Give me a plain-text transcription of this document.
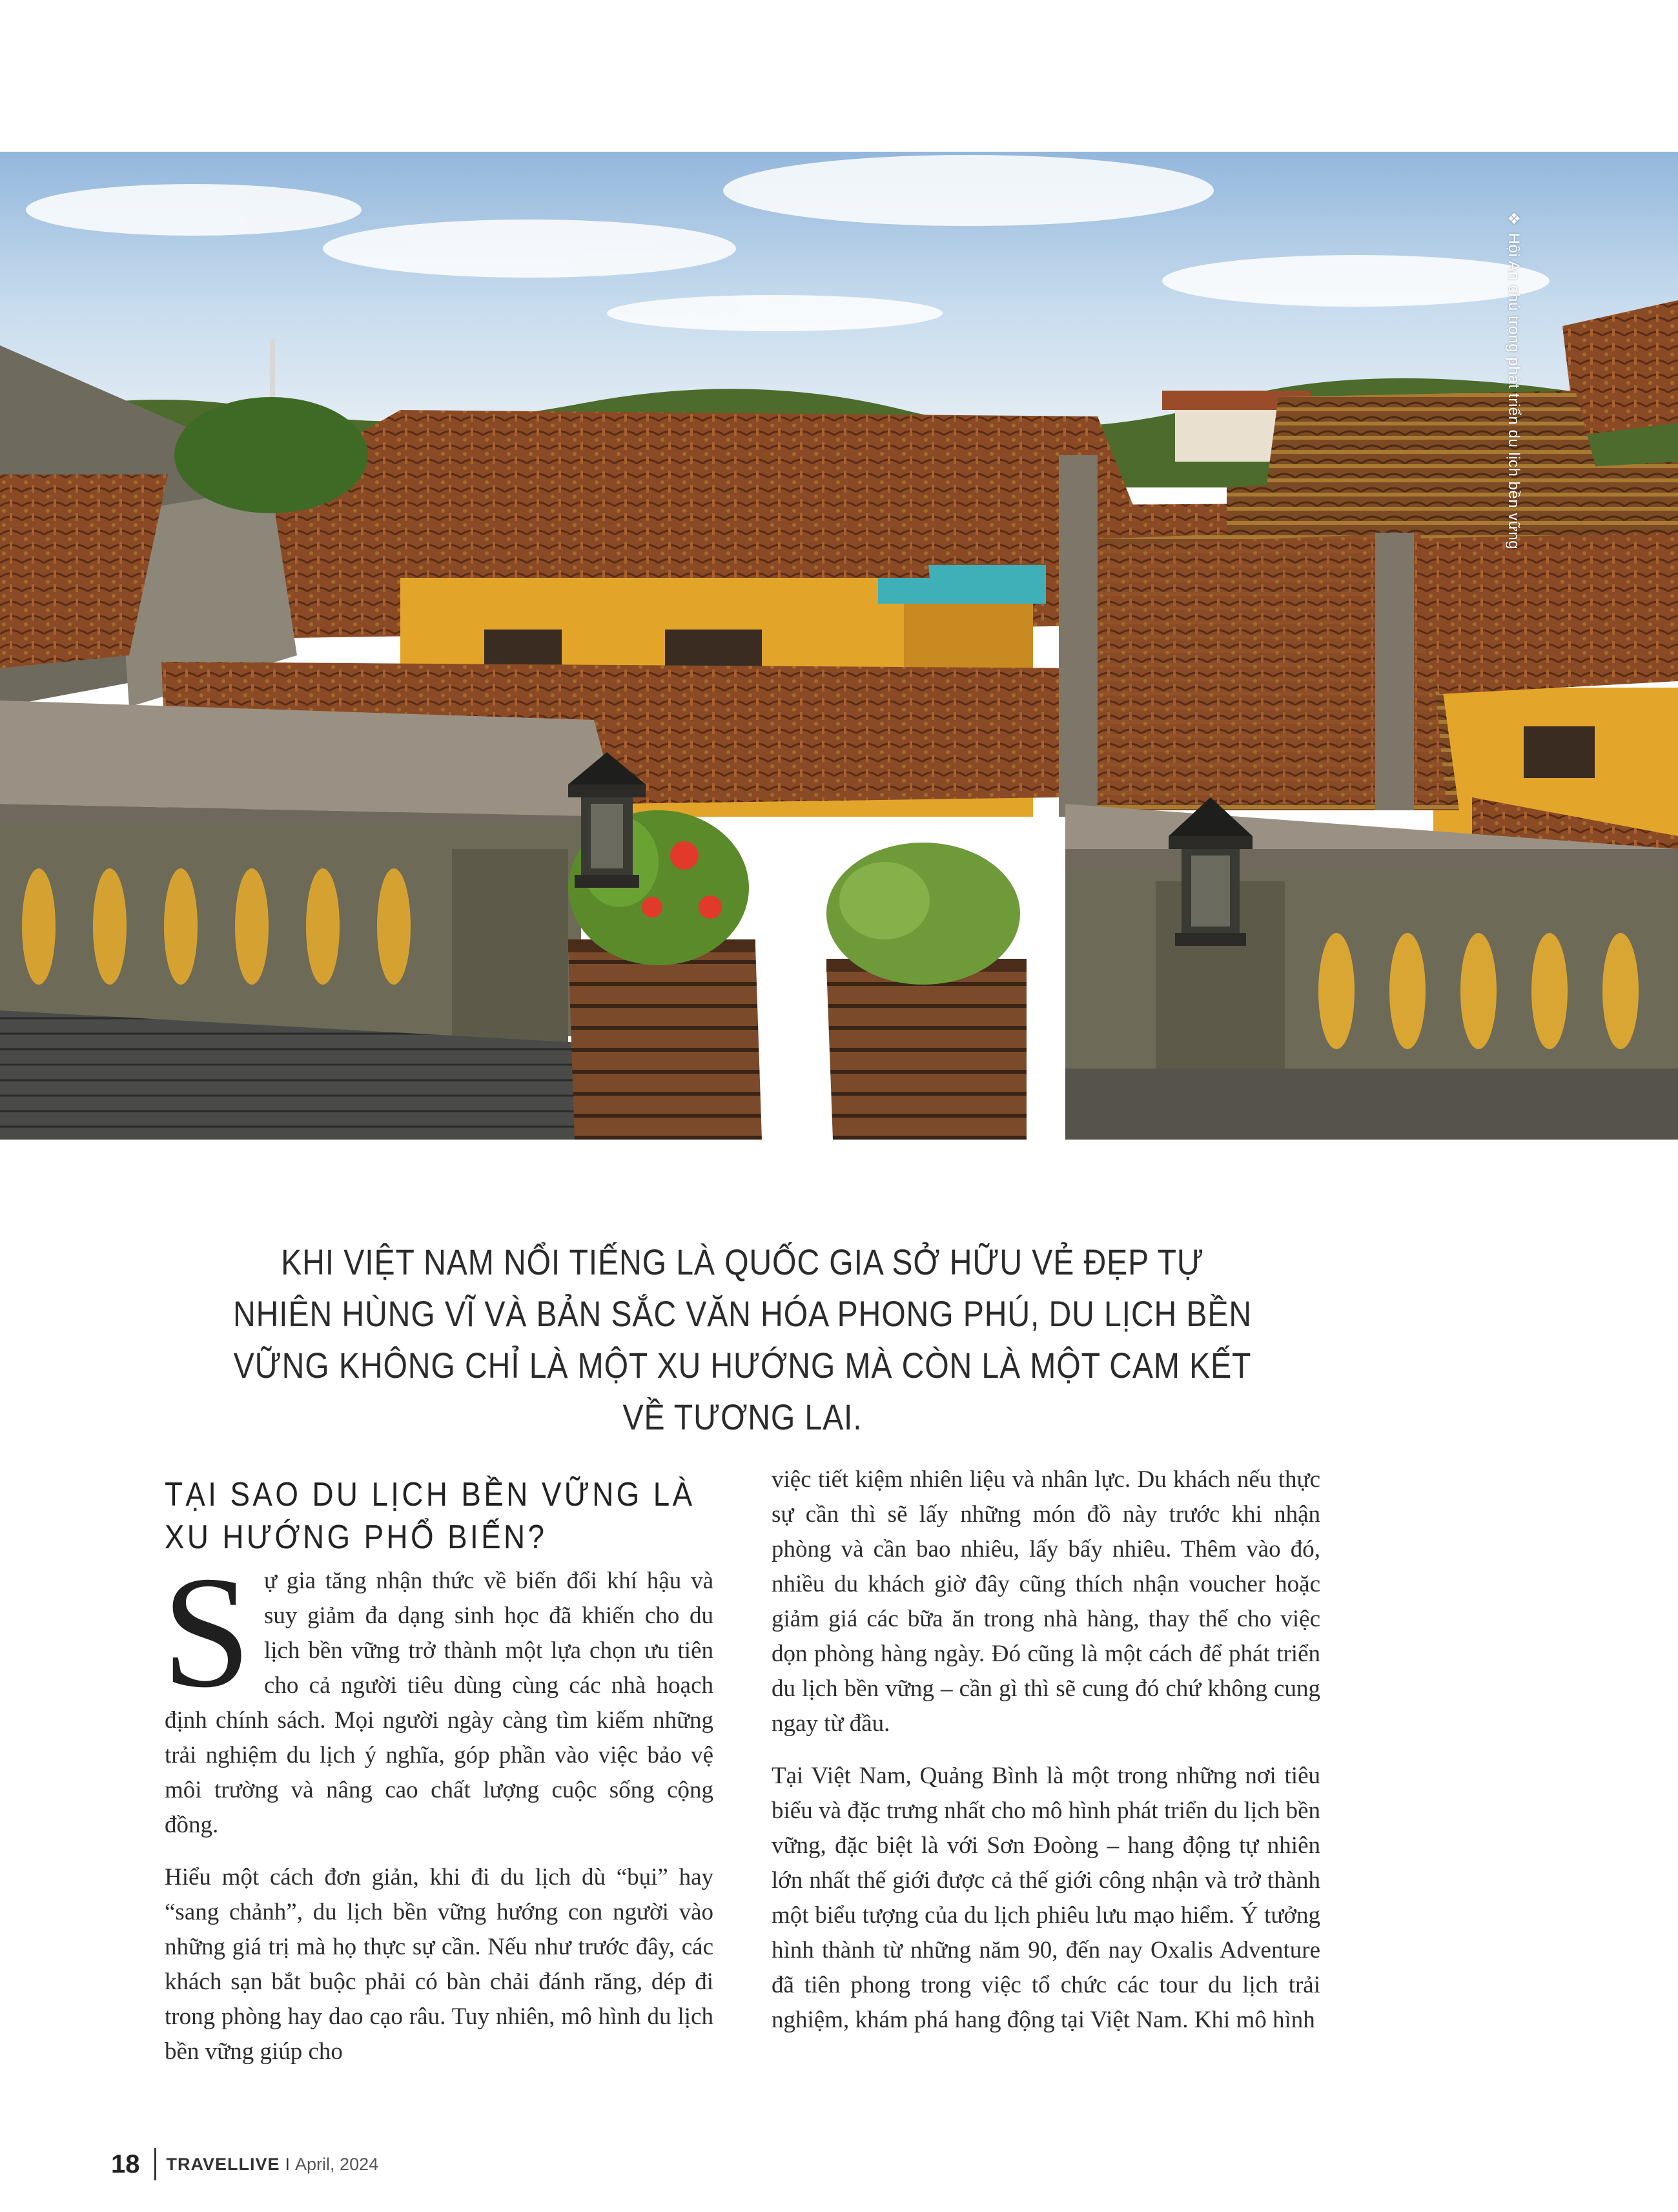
❖ Hội An chú trọng phát triển du lịch bền vững
KHI VIỆT NAM NỔI TIẾNG LÀ QUỐC GIA SỞ HỮU VẺ ĐẸP TỰ NHIÊN HÙNG VĨ VÀ BẢN SẮC VĂN HÓA PHONG PHÚ, DU LỊCH BỀN VỮNG KHÔNG CHỈ LÀ MỘT XU HƯỚNG MÀ CÒN LÀ MỘT CAM KẾT VỀ TƯƠNG LAI.
TẠI SAO DU LỊCH BỀN VỮNG LÀ XU HƯỚNG PHỔ BIẾN?

Sự gia tăng nhận thức về biến đổi khí hậu và suy giảm đa dạng sinh học đã khiến cho du lịch bền vững trở thành một lựa chọn ưu tiên cho cả người tiêu dùng cùng các nhà hoạch định chính sách. Mọi người ngày càng tìm kiếm những trải nghiệm du lịch ý nghĩa, góp phần vào việc bảo vệ môi trường và nâng cao chất lượng cuộc sống cộng đồng.

Hiểu một cách đơn giản, khi đi du lịch dù “bụi” hay “sang chảnh”, du lịch bền vững hướng con người vào những giá trị mà họ thực sự cần. Nếu như trước đây, các khách sạn bắt buộc phải có bàn chải đánh răng, dép đi trong phòng hay dao cạo râu. Tuy nhiên, mô hình du lịch bền vững giúp cho

việc tiết kiệm nhiên liệu và nhân lực. Du khách nếu thực sự cần thì sẽ lấy những món đồ này trước khi nhận phòng và cần bao nhiêu, lấy bấy nhiêu. Thêm vào đó, nhiều du khách giờ đây cũng thích nhận voucher hoặc giảm giá các bữa ăn trong nhà hàng, thay thế cho việc dọn phòng hàng ngày. Đó cũng là một cách để phát triển du lịch bền vững – cần gì thì sẽ cung đó chứ không cung ngay từ đầu.

Tại Việt Nam, Quảng Bình là một trong những nơi tiêu biểu và đặc trưng nhất cho mô hình phát triển du lịch bền vững, đặc biệt là với Sơn Đoòng – hang động tự nhiên lớn nhất thế giới được cả thế giới công nhận và trở thành một biểu tượng của du lịch phiêu lưu mạo hiểm. Ý tưởng hình thành từ những năm 90, đến nay Oxalis Adventure đã tiên phong trong việc tổ chức các tour du lịch trải nghiệm, khám phá hang động tại Việt Nam. Khi mô hình

18 TRAVELLIVE I April, 2024
